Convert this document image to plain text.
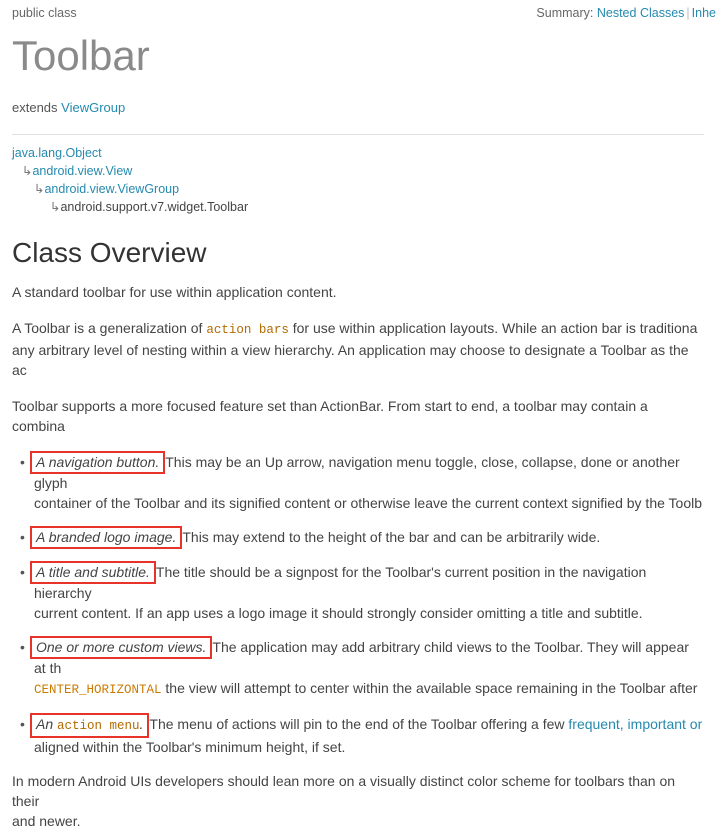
public class	Summary: Nested Classes | Inhe
Toolbar
extends ViewGroup
java.lang.Object
↳android.view.View
↳android.view.ViewGroup
↳android.support.v7.widget.Toolbar
Class Overview

A standard toolbar for use within application content.

A Toolbar is a generalization of action bars for use within application layouts. While an action bar is traditiona
any arbitrary level of nesting within a view hierarchy. An application may choose to designate a Toolbar as the ac

Toolbar supports a more focused feature set than ActionBar. From start to end, a toolbar may contain a combina

• A navigation button. This may be an Up arrow, navigation menu toggle, close, collapse, done or another glyph
container of the Toolbar and its signified content or otherwise leave the current context signified by the Toolb
• A branded logo image. This may extend to the height of the bar and can be arbitrarily wide.
• A title and subtitle. The title should be a signpost for the Toolbar's current position in the navigation hierarchy
current content. If an app uses a logo image it should strongly consider omitting a title and subtitle.
• One or more custom views. The application may add arbitrary child views to the Toolbar. They will appear at th
CENTER_HORIZONTAL the view will attempt to center within the available space remaining in the Toolbar after
• An action menu. The menu of actions will pin to the end of the Toolbar offering a few frequent, important or
aligned within the Toolbar's minimum height, if set.

In modern Android UIs developers should lean more on a visually distinct color scheme for toolbars than on their
and newer.
